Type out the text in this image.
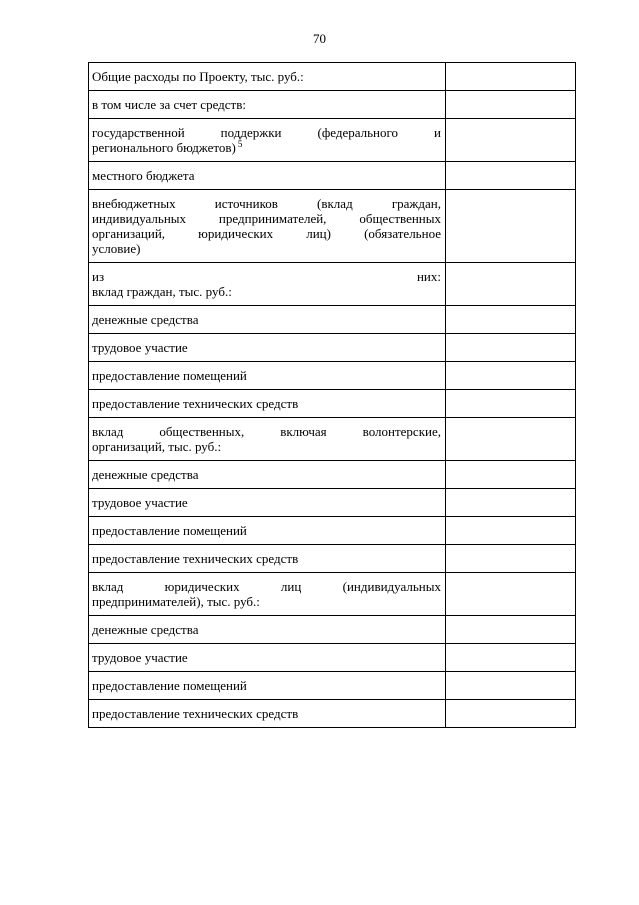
70
Общие расходы по Проекту, тыс. руб.:	

в том числе за счет средств:	

государственной поддержки (федерального и
регионального бюджетов) $^5$

местного бюджета	

внебюджетных источников (вклад граждан,
индивидуальных предпринимателей, общественных
организаций, юридических лиц) (обязательное
условие)	

из них:
вклад граждан, тыс. руб.:	

денежные средства	

трудовое участие	

предоставление помещений	

предоставление технических средств	

вклад общественных, включая волонтерские,
организаций, тыс. руб.:	

денежные средства	

трудовое участие	

предоставление помещений	

предоставление технических средств	

вклад юридических лиц (индивидуальных
предпринимателей), тыс. руб.:	

денежные средства	

трудовое участие	

предоставление помещений	

предоставление технических средств	
